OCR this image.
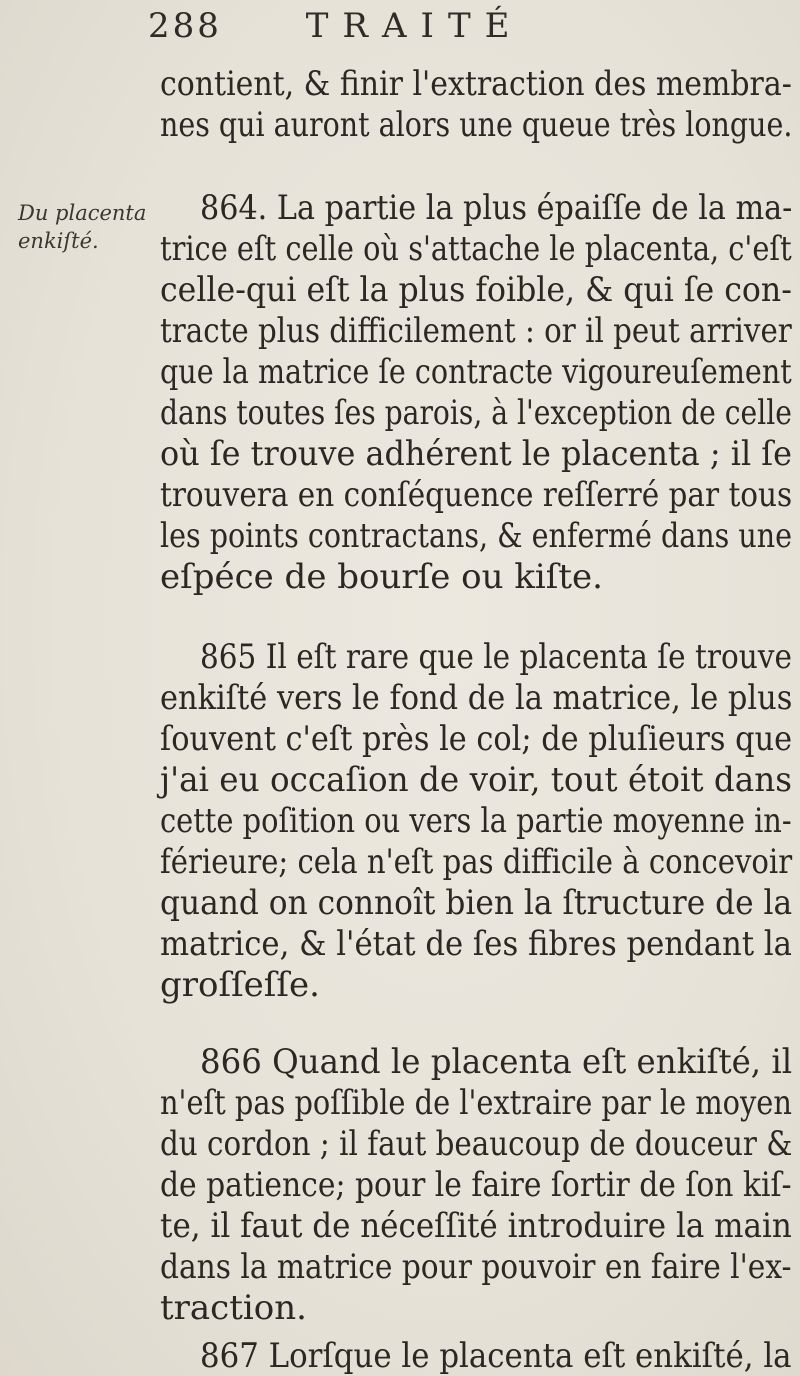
288 TRAITÉ
Du placenta
enkiſté.
contient, & finir l'extraction des membra-
nes qui auront alors une queue très longue.
864. La partie la plus épaiſſe de la ma-
trice eſt celle où s'attache le placenta, c'eſt
celle-qui eſt la plus foible, & qui ſe con-
tracte plus difficilement : or il peut arriver
que la matrice ſe contracte vigoureuſement
dans toutes ſes parois, à l'exception de celle
où ſe trouve adhérent le placenta ; il ſe
trouvera en conſéquence reſſerré par tous
les points contractans, & enfermé dans une
eſpéce de bourſe ou kiſte.
865 Il eſt rare que le placenta ſe trouve
enkiſté vers le fond de la matrice, le plus
ſouvent c'eſt près le col; de pluſieurs que
j'ai eu occaſion de voir, tout étoit dans
cette poſition ou vers la partie moyenne in-
férieure; cela n'eſt pas difficile à concevoir
quand on connoît bien la ſtructure de la
matrice, & l'état de ſes fibres pendant la
groſſeſſe.
866 Quand le placenta eſt enkiſté, il
n'eſt pas poſſible de l'extraire par le moyen
du cordon ; il faut beaucoup de douceur &
de patience; pour le faire ſortir de ſon kiſ-
te, il faut de néceſſité introduire la main
dans la matrice pour pouvoir en faire l'ex-
traction.
867 Lorſque le placenta eſt enkiſté, la
